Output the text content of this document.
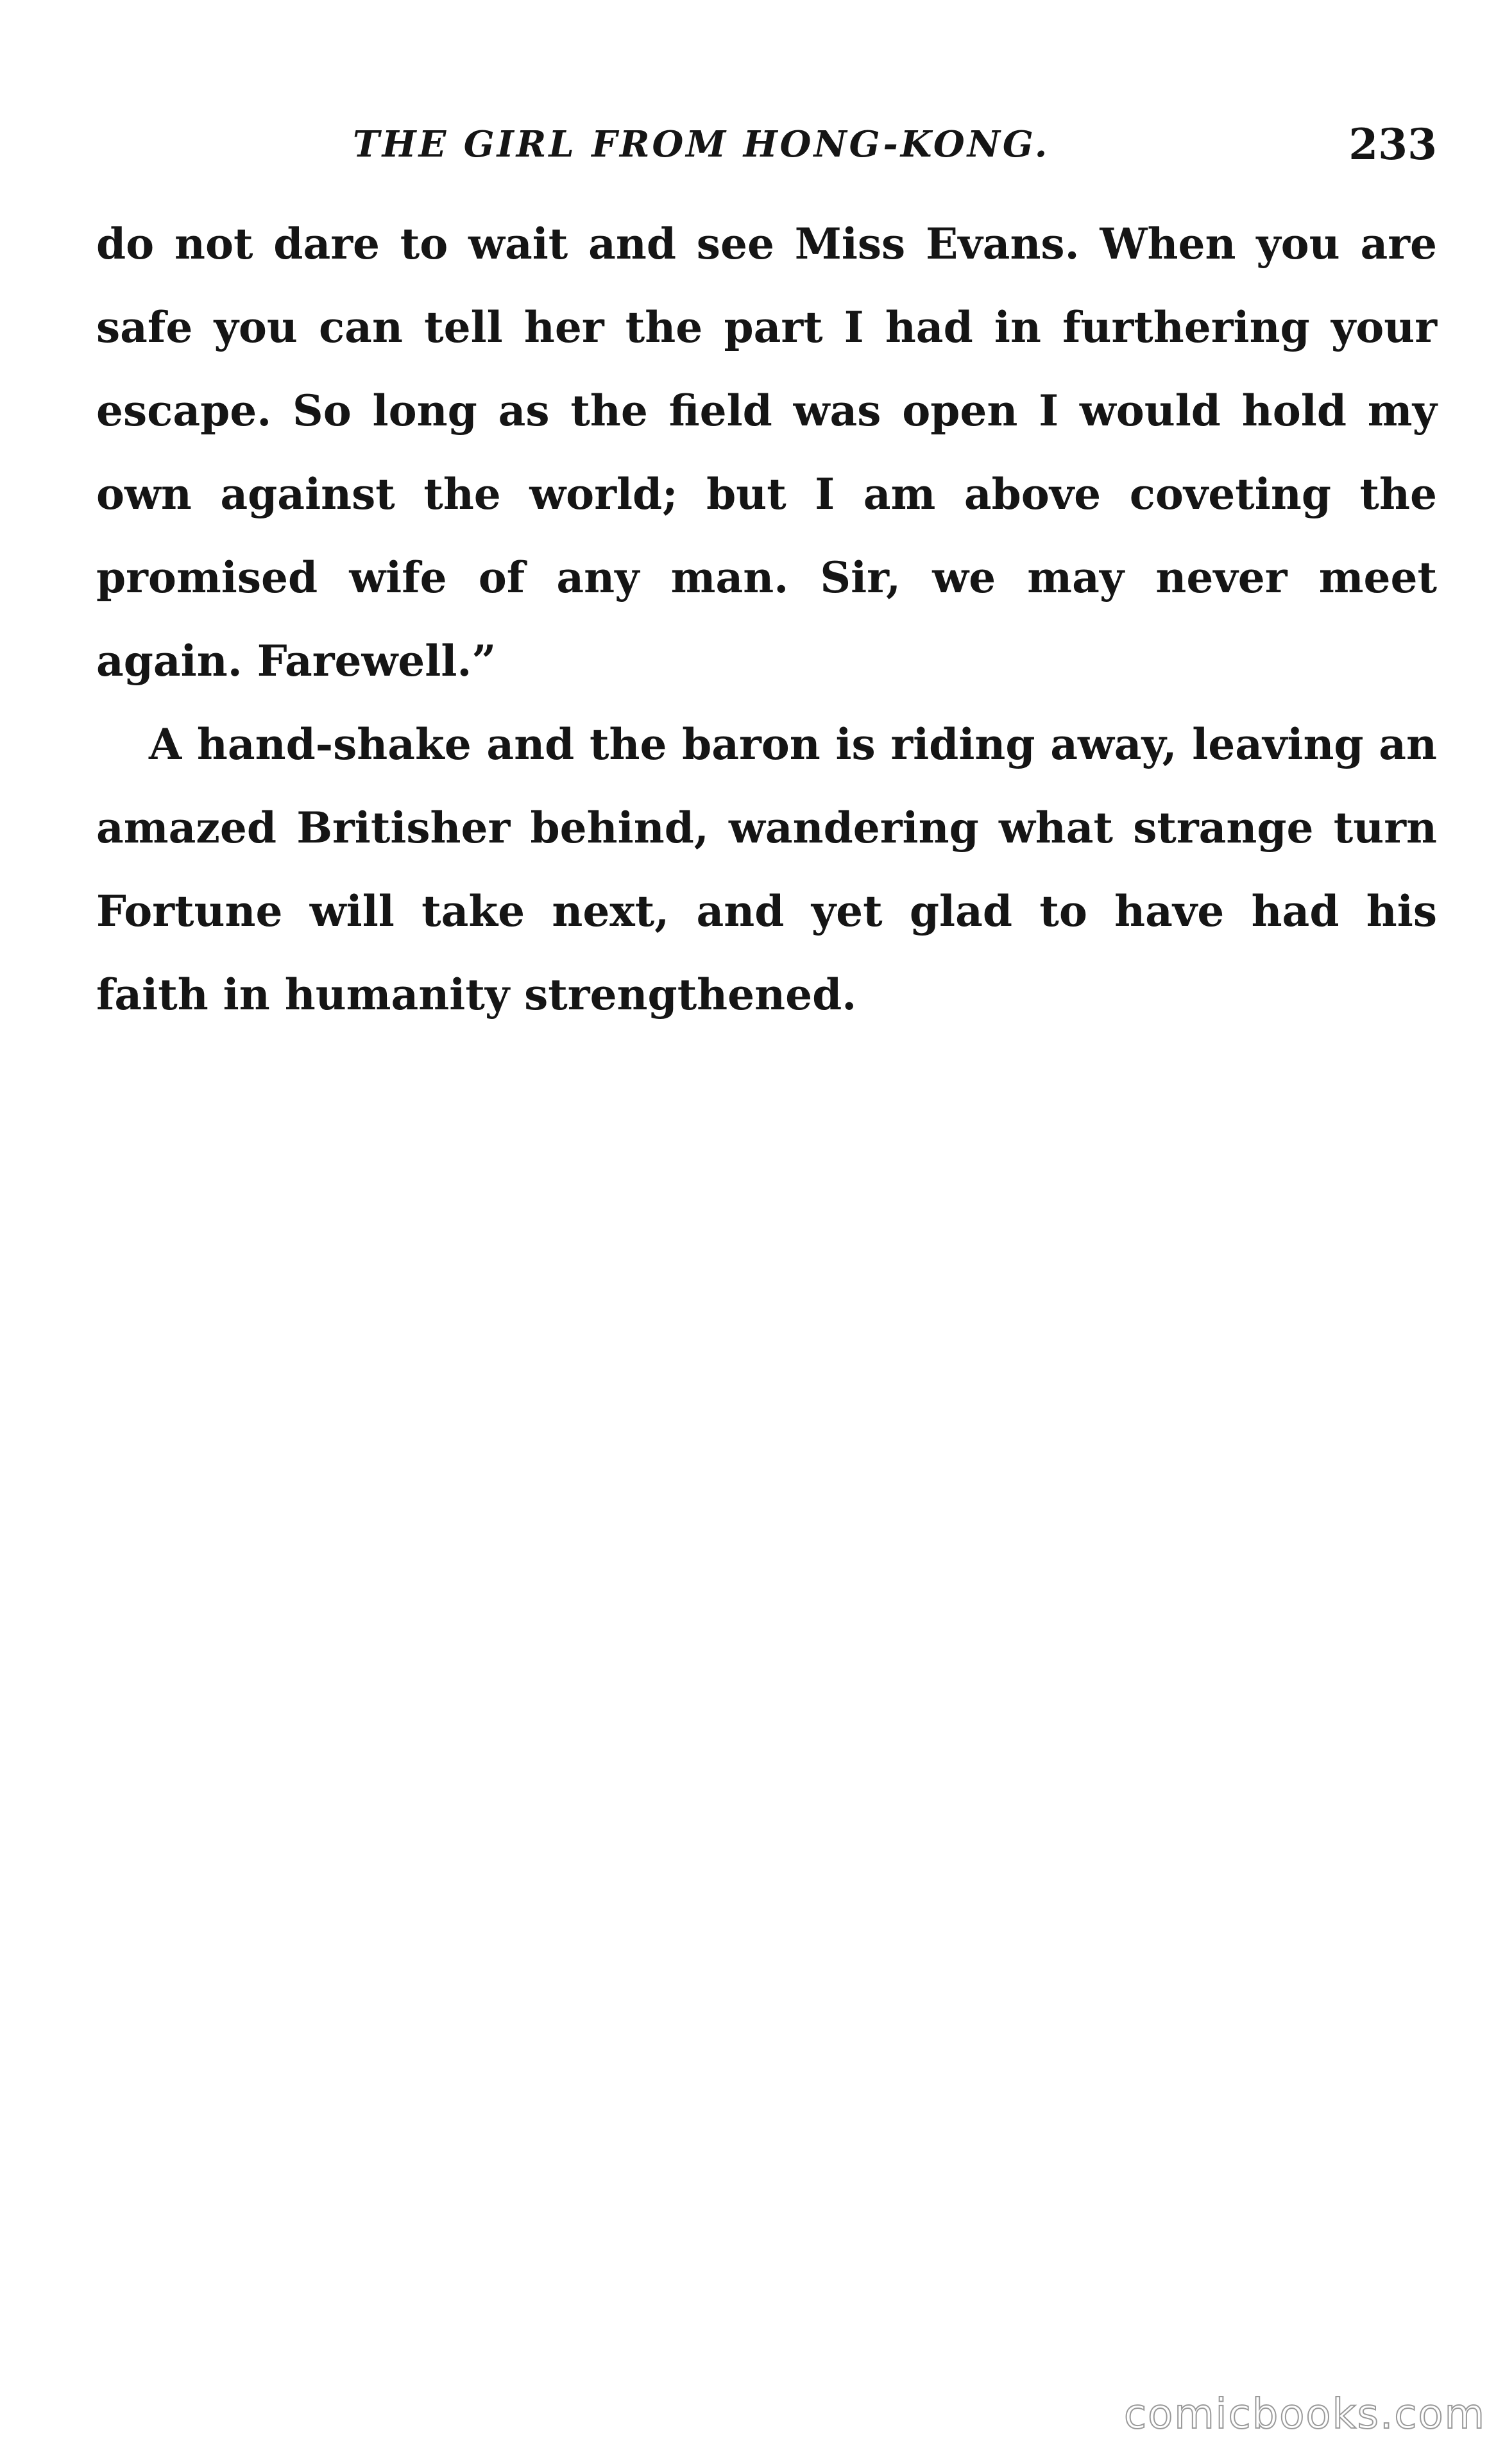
THE GIRL FROM HONG-KONG.	233

do not dare to wait and see Miss Evans. When you are safe you can tell her the part I had in furthering your escape. So long as the field was open I would hold my own against the world; but I am above coveting the promised wife of any man. Sir, we may never meet again. Farewell.”

A hand-shake and the baron is riding away, leaving an amazed Britisher behind, wandering what strange turn Fortune will take next, and yet glad to have had his faith in humanity strengthened.

comicbooks.com
